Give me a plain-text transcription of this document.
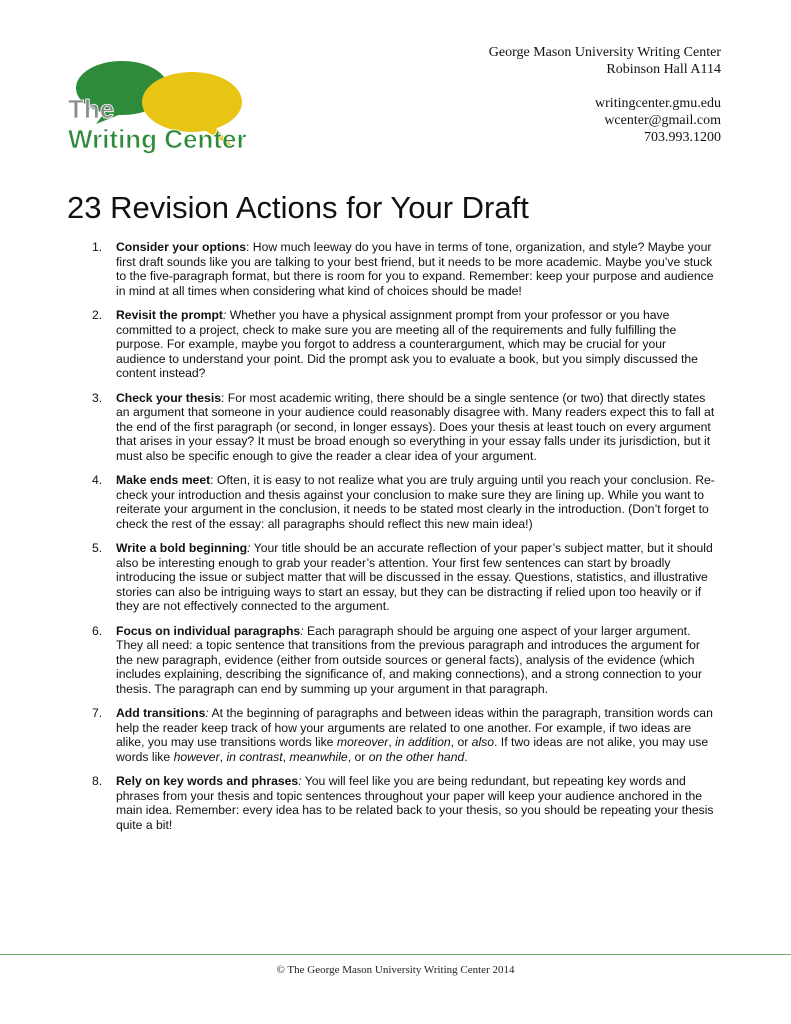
The
Writing Center
George Mason University Writing Center
Robinson Hall A114
writingcenter.gmu.edu
wcenter@gmail.com
703.993.1200
23 Revision Actions for Your Draft
1. Consider your options: How much leeway do you have in terms of tone, organization, and style? Maybe your first draft sounds like you are talking to your best friend, but it needs to be more academic. Maybe you’ve stuck to the five-paragraph format, but there is room for you to expand. Remember: keep your purpose and audience in mind at all times when considering what kind of choices should be made!
2. Revisit the prompt: Whether you have a physical assignment prompt from your professor or you have committed to a project, check to make sure you are meeting all of the requirements and fully fulfilling the purpose. For example, maybe you forgot to address a counterargument, which may be crucial for your audience to understand your point. Did the prompt ask you to evaluate a book, but you simply discussed the content instead?
3. Check your thesis: For most academic writing, there should be a single sentence (or two) that directly states an argument that someone in your audience could reasonably disagree with. Many readers expect this to fall at the end of the first paragraph (or second, in longer essays). Does your thesis at least touch on every argument that arises in your essay? It must be broad enough so everything in your essay falls under its jurisdiction, but it must also be specific enough to give the reader a clear idea of your argument.
4. Make ends meet: Often, it is easy to not realize what you are truly arguing until you reach your conclusion. Re-check your introduction and thesis against your conclusion to make sure they are lining up. While you want to reiterate your argument in the conclusion, it needs to be stated most clearly in the introduction. (Don’t forget to check the rest of the essay: all paragraphs should reflect this new main idea!)
5. Write a bold beginning: Your title should be an accurate reflection of your paper’s subject matter, but it should also be interesting enough to grab your reader’s attention. Your first few sentences can start by broadly introducing the issue or subject matter that will be discussed in the essay. Questions, statistics, and illustrative stories can also be intriguing ways to start an essay, but they can be distracting if relied upon too heavily or if they are not effectively connected to the argument.
6. Focus on individual paragraphs: Each paragraph should be arguing one aspect of your larger argument. They all need: a topic sentence that transitions from the previous paragraph and introduces the argument for the new paragraph, evidence (either from outside sources or general facts), analysis of the evidence (which includes explaining, describing the significance of, and making connections), and a strong connection to your thesis. The paragraph can end by summing up your argument in that paragraph.
7. Add transitions: At the beginning of paragraphs and between ideas within the paragraph, transition words can help the reader keep track of how your arguments are related to one another. For example, if two ideas are alike, you may use transitions words like moreover, in addition, or also. If two ideas are not alike, you may use words like however, in contrast, meanwhile, or on the other hand.
8. Rely on key words and phrases: You will feel like you are being redundant, but repeating key words and phrases from your thesis and topic sentences throughout your paper will keep your audience anchored in the main idea. Remember: every idea has to be related back to your thesis, so you should be repeating your thesis quite a bit!
© The George Mason University Writing Center 2014
